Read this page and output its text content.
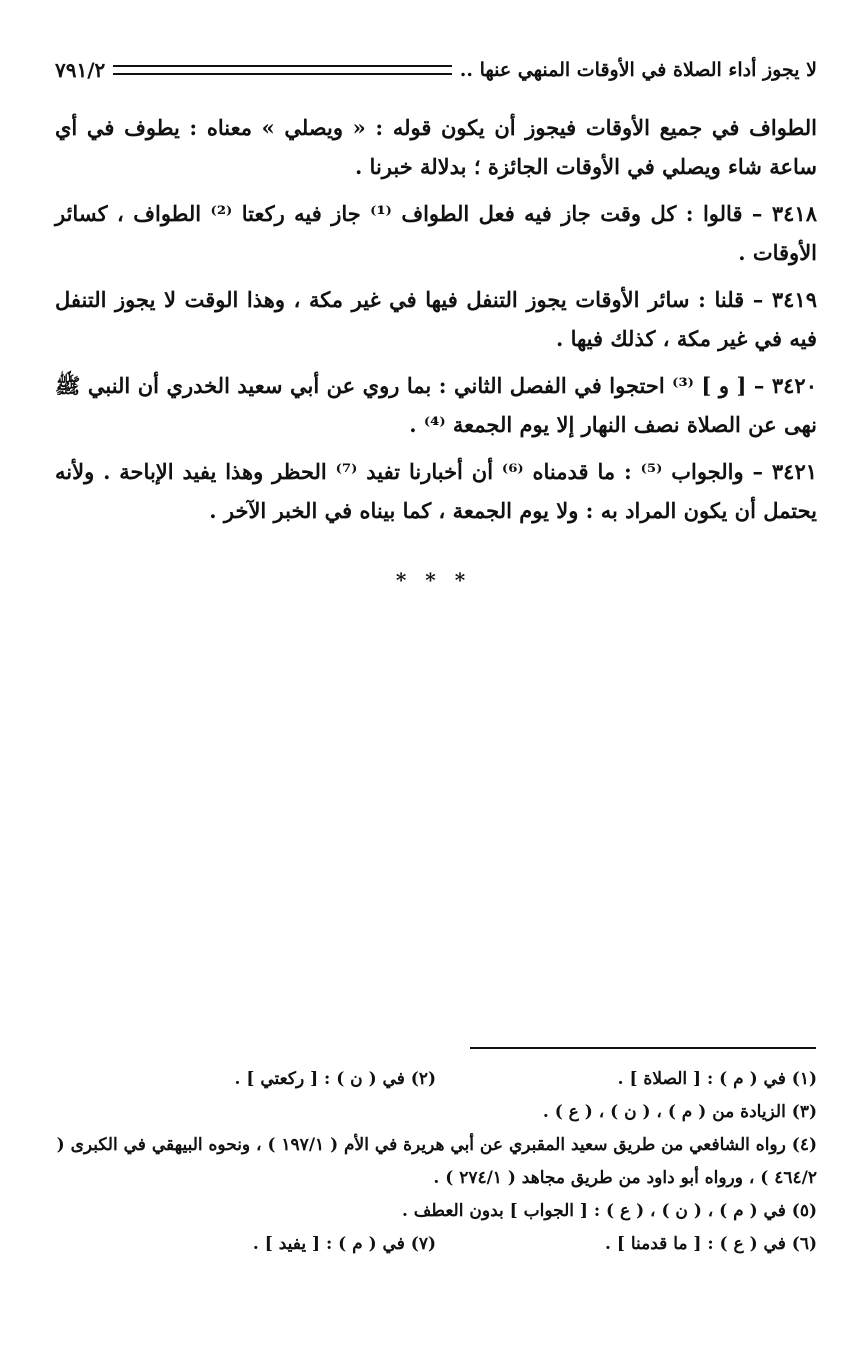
لا يجوز أداء الصلاة في الأوقات المنهي عنها ..
٧٩١/٢

الطواف في جميع الأوقات فيجوز أن يكون قوله : « ويصلي » معناه : يطوف في أي ساعة شاء ويصلي في الأوقات الجائزة ؛ بدلالة خبرنا .

٣٤١٨ – قالوا : كل وقت جاز فيه فعل الطواف ⁽¹⁾ جاز فيه ركعتا ⁽²⁾ الطواف ، كسائر الأوقات .

٣٤١٩ – قلنا : سائر الأوقات يجوز التنفل فيها في غير مكة ، وهذا الوقت لا يجوز التنفل فيه في غير مكة ، كذلك فيها .

٣٤٢٠ – [ و ] ⁽³⁾ احتجوا في الفصل الثاني : بما روي عن أبي سعيد الخدري أن النبي ﷺ نهى عن الصلاة نصف النهار إلا يوم الجمعة ⁽⁴⁾ .

٣٤٢١ – والجواب ⁽⁵⁾ : ما قدمناه ⁽⁶⁾ أن أخبارنا تفيد ⁽⁷⁾ الحظر وهذا يفيد الإباحة . ولأنه يحتمل أن يكون المراد به : ولا يوم الجمعة ، كما بيناه في الخبر الآخر .

* * *
(١) في ( م ) : [ الصلاة ] .
(٢) في ( ن ) : [ ركعتي ] .
(٣) الزيادة من ( م ) ، ( ن ) ، ( ع ) .
(٤) رواه الشافعي من طريق سعيد المقبري عن أبي هريرة في الأم ( ١٩٧/١ ) ، ونحوه البيهقي في الكبرى ( ٤٦٤/٢ ) ، ورواه أبو داود من طريق مجاهد ( ٢٧٤/١ ) .
(٥) في ( م ) ، ( ن ) ، ( ع ) : [ الجواب ] بدون العطف .
(٦) في ( ع ) : [ ما قدمنا ] .
(٧) في ( م ) : [ يفيد ] .
